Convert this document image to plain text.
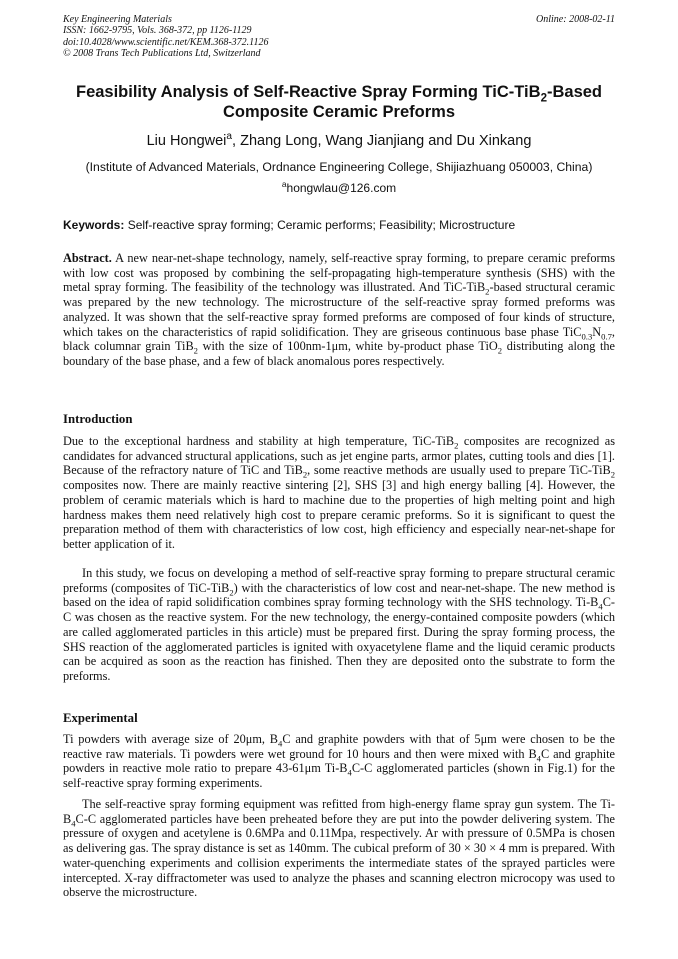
Key Engineering Materials
ISSN: 1662-9795, Vols. 368-372, pp 1126-1129
doi:10.4028/www.scientific.net/KEM.368-372.1126
© 2008 Trans Tech Publications Ltd, Switzerland
Online: 2008-02-11
Feasibility Analysis of Self-Reactive Spray Forming TiC-TiB$_2$-Based
Composite Ceramic Preforms
Liu Hongwei$^a$, Zhang Long, Wang Jianjiang and Du Xinkang
(Institute of Advanced Materials, Ordnance Engineering College, Shijiazhuang 050003, China)
$^a$hongwlau@126.com
Keywords: Self-reactive spray forming; Ceramic performs; Feasibility; Microstructure
Abstract. A new near-net-shape technology, namely, self-reactive spray forming, to prepare ceramic preforms with low cost was proposed by combining the self-propagating high-temperature synthesis (SHS) with the metal spray forming. The feasibility of the technology was illustrated. And TiC-TiB$_2$-based structural ceramic was prepared by the new technology. The microstructure of the self-reactive spray formed preforms was analyzed. It was shown that the self-reactive spray formed preforms are composed of four kinds of structure, which takes on the characteristics of rapid solidification. They are griseous continuous base phase $TiC_{0.3}N_{0.7}$, black columnar grain TiB$_2$ with the size of 100nm-1μm, white by-product phase TiO$_2$ distributing along the boundary of the base phase, and a few of black anomalous pores respectively.
Introduction
Due to the exceptional hardness and stability at high temperature, TiC-TiB$_2$ composites are recognized as candidates for advanced structural applications, such as jet engine parts, armor plates, cutting tools and dies [1]. Because of the refractory nature of TiC and TiB$_2$, some reactive methods are usually used to prepare TiC-TiB$_2$ composites now. There are mainly reactive sintering [2], SHS [3] and high energy balling [4]. However, the problem of ceramic materials which is hard to machine due to the properties of high melting point and high hardness makes them need relatively high cost to prepare ceramic preforms. So it is significant to quest the preparation method of them with characteristics of low cost, high efficiency and especially near-net-shape for better application of it.
In this study, we focus on developing a method of self-reactive spray forming to prepare structural ceramic preforms (composites of TiC-TiB$_2$) with the characteristics of low cost and near-net-shape. The new method is based on the idea of rapid solidification combines spray forming technology with the SHS technology. $Ti-B_4C-C$ was chosen as the reactive system. For the new technology, the energy-contained composite powders (which are called agglomerated particles in this article) must be prepared first. During the spray forming process, the SHS reaction of the agglomerated particles is ignited with oxyacetylene flame and the liquid ceramic products can be acquired as soon as the reaction has finished. Then they are deposited onto the substrate to form the preforms.
Experimental
Ti powders with average size of 20μm, $B_4C$ and graphite powders with that of 5μm were chosen to be the reactive raw materials. Ti powders were wet ground for 10 hours and then were mixed with $B_4C$ and graphite powders in reactive mole ratio to prepare 43-61μm $Ti-B_4C-C$ agglomerated particles (shown in Fig.1) for the self-reactive spray forming experiments.
The self-reactive spray forming equipment was refitted from high-energy flame spray gun system. The $Ti-B_4C-C$ agglomerated particles have been preheated before they are put into the powder delivering system. The pressure of oxygen and acetylene is 0.6MPa and 0.11Mpa, respectively. Ar with pressure of 0.5MPa is chosen as delivering gas. The spray distance is set as 140mm. The cubical preform of 30 × 30 × 4 mm is prepared. With water-quenching experiments and collision experiments the intermediate states of the sprayed particles were intercepted. X-ray diffractometer was used to analyze the phases and scanning electron microcopy was used to observe the microstructure.
